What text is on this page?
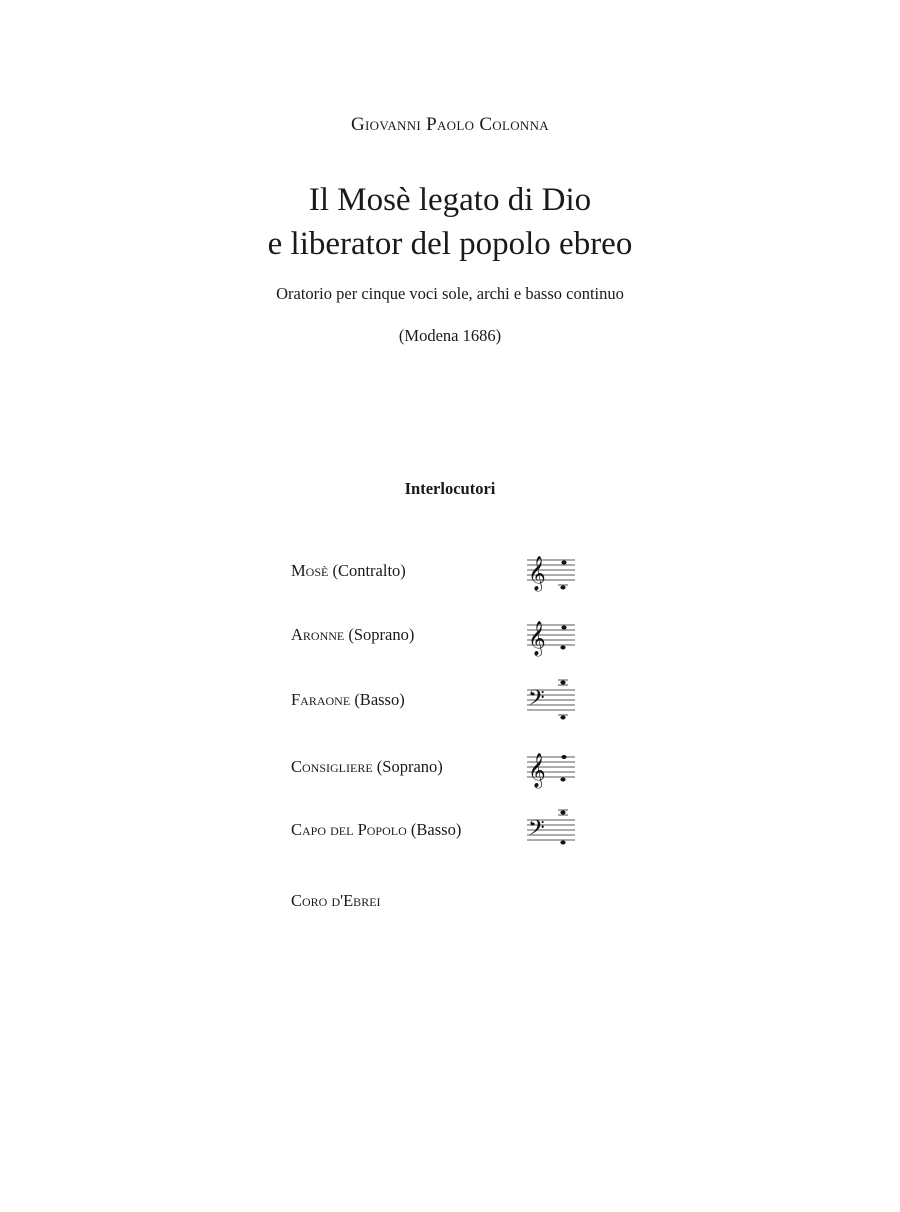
Giovanni Paolo Colonna
Il Mosè legato di Dio
e liberator del popolo ebreo
Oratorio per cinque voci sole, archi e basso continuo
(Modena 1686)
Interlocutori
Mosè (Contralto)	𝄞
Aronne (Soprano)	𝄞
Faraone (Basso)	𝄢
Consigliere (Soprano)	𝄞
Capo del Popolo (Basso)	𝄢
Coro d'Ebrei
